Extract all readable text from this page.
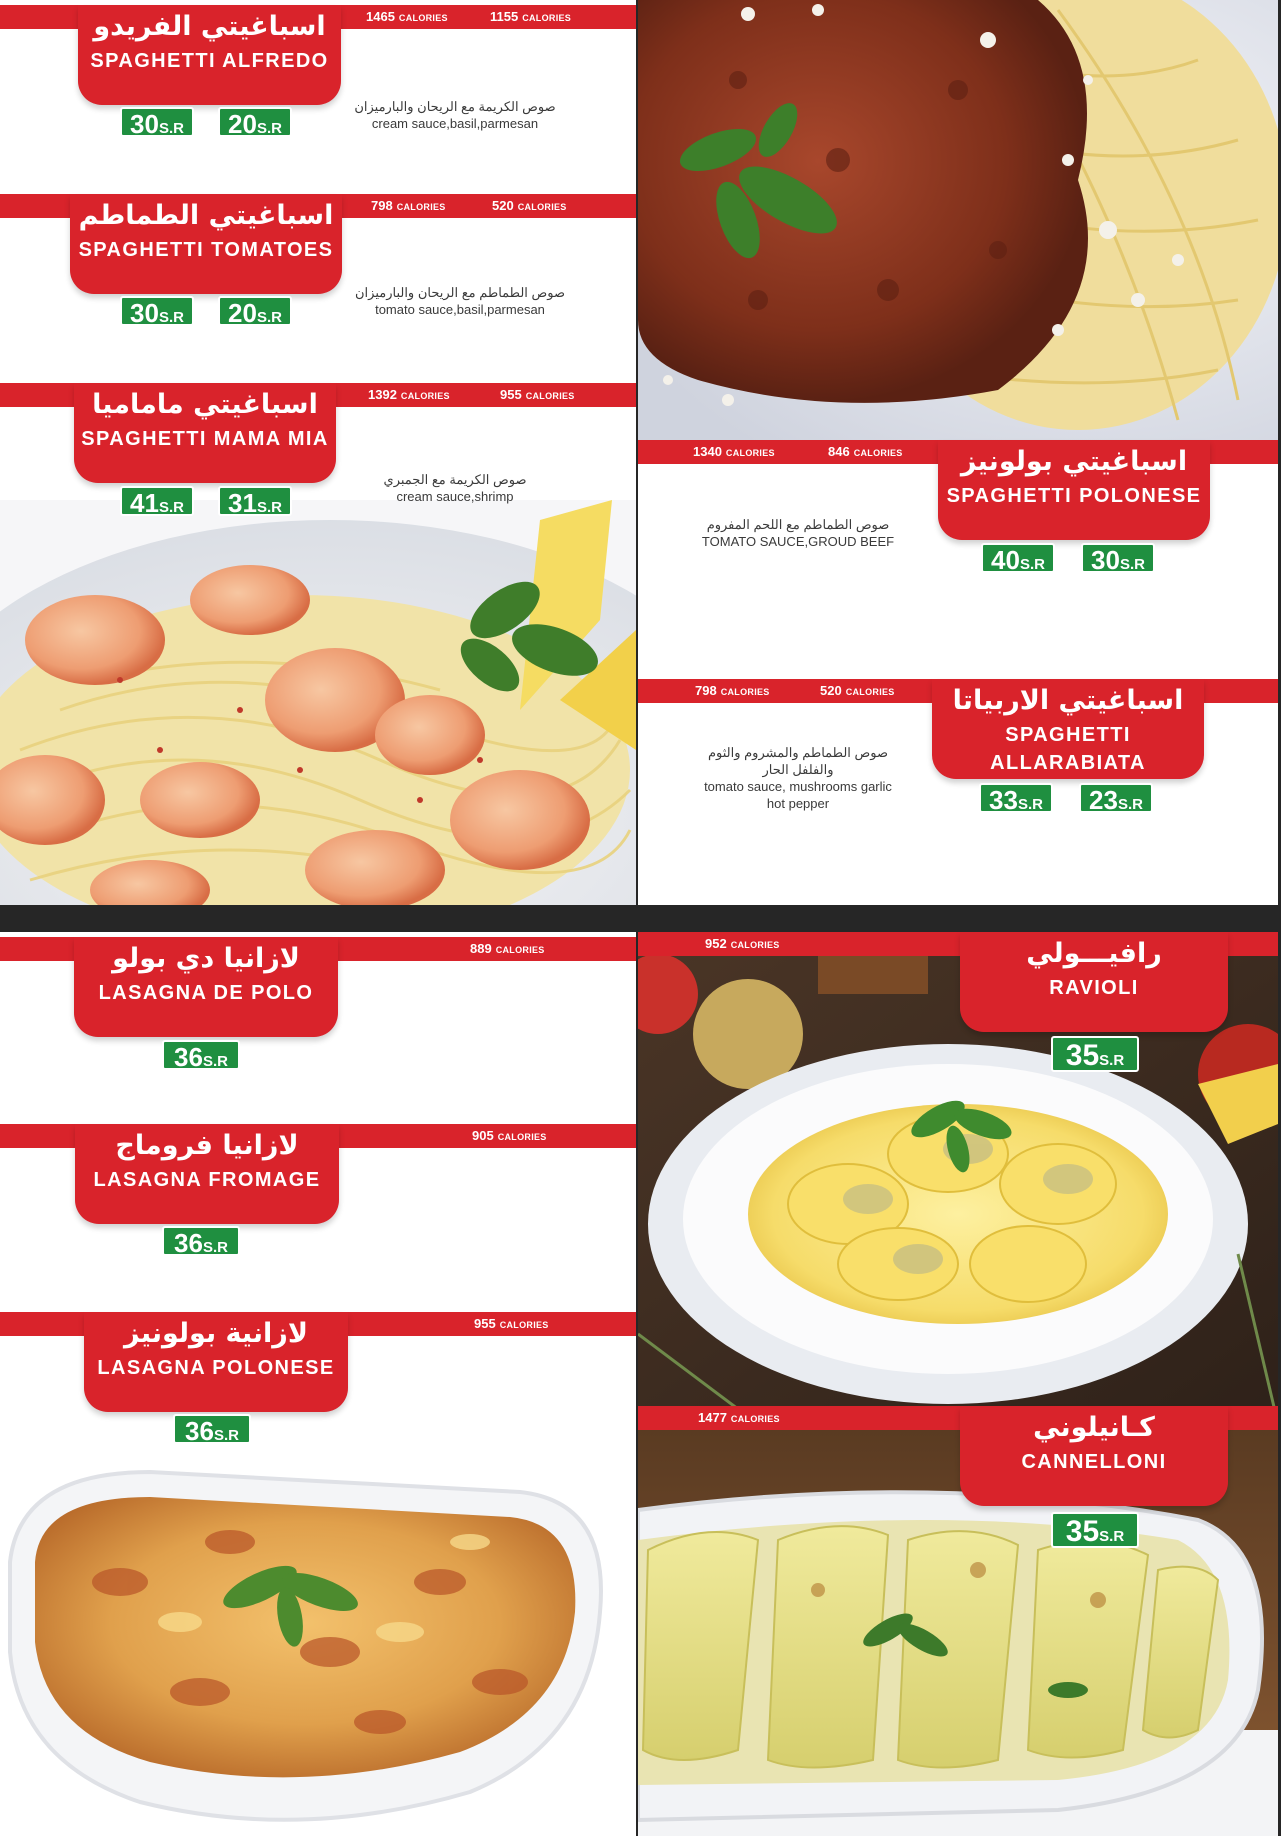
1465 CALORIES	1155 CALORIES
اسباغيتي الفريدو
SPAGHETTI ALFREDO
30S.R	20S.R
صوص الكريمة مع الريحان والبارميزان
cream sauce,basil,parmesan
798 CALORIES	520 CALORIES
اسباغيتي الطماطم
SPAGHETTI TOMATOES
30S.R	20S.R
صوص الطماطم مع الريحان والبارميزان
tomato sauce,basil,parmesan
1392 CALORIES	955 CALORIES
اسباغيتي ماماميا
SPAGHETTI MAMA MIA
41S.R	31S.R
صوص الكريمة مع الجمبري
cream sauce,shrimp
1340 CALORIES	846 CALORIES	اسباغيتي بولونيز
SPAGHETTI POLONESE
40S.R	30S.R
صوص الطماطم مع اللحم المفروم
TOMATO SAUCE,GROUD BEEF
798 CALORIES	520 CALORIES	اسباغيتي الاربياتا
SPAGHETTI ALLARABIATA
33S.R	23S.R
صوص الطماطم والمشروم والثوم
والفلفل الحار
tomato sauce, mushrooms garlic
hot pepper
889 CALORIES
لازانيا دي بولو
LASAGNA DE POLO
36S.R
905 CALORIES
لازانيا فروماج
LASAGNA FROMAGE
36S.R
955 CALORIES
لازانية بولونيز
LASAGNA POLONESE
36S.R
952 CALORIES	رافيـــولي
RAVIOLI
35S.R
1477 CALORIES	كـانيلوني
CANNELLONI
35S.R
